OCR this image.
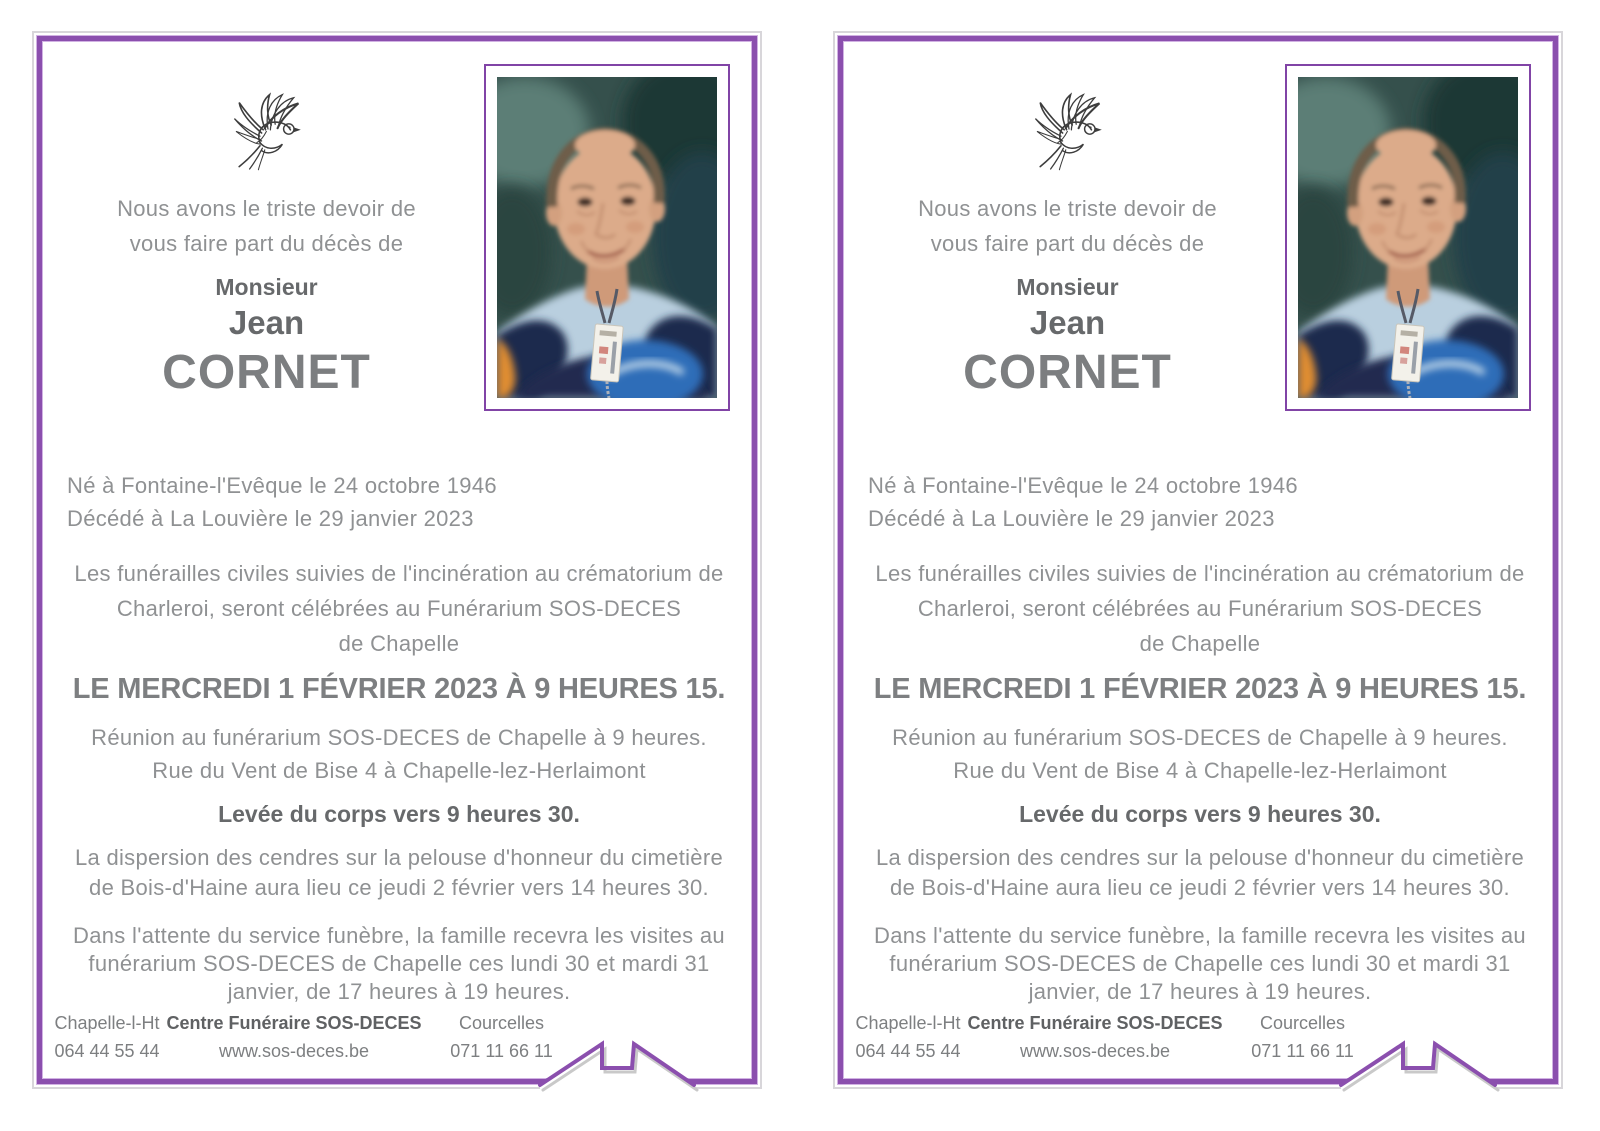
Nous avons le triste devoir de
vous faire part du décès de
Monsieur
Jean
CORNET
Né à Fontaine-l'Evêque le 24 octobre 1946
Décédé à La Louvière le 29 janvier 2023
Les funérailles civiles suivies de l'incinération au crématorium de
Charleroi, seront célébrées au Funérarium SOS-DECES
de Chapelle
LE MERCREDI 1 FÉVRIER 2023 À 9 HEURES 15.
Réunion au funérarium SOS-DECES de Chapelle à 9 heures.
Rue du Vent de Bise 4 à Chapelle-lez-Herlaimont
Levée du corps vers 9 heures 30.
La dispersion des cendres sur la pelouse d'honneur du cimetière
de Bois-d'Haine aura lieu ce jeudi 2 février vers 14 heures 30.
Dans l'attente du service funèbre, la famille recevra les visites au
funérarium SOS-DECES de Chapelle ces lundi 30 et mardi 31
janvier, de 17 heures à 19 heures.
Chapelle-l-Ht
064 44 55 44
Centre Funéraire SOS-DECES
www.sos-deces.be
Courcelles
071 11 66 11
Nous avons le triste devoir de
vous faire part du décès de
Monsieur
Jean
CORNET
Né à Fontaine-l'Evêque le 24 octobre 1946
Décédé à La Louvière le 29 janvier 2023
Les funérailles civiles suivies de l'incinération au crématorium de
Charleroi, seront célébrées au Funérarium SOS-DECES
de Chapelle
LE MERCREDI 1 FÉVRIER 2023 À 9 HEURES 15.
Réunion au funérarium SOS-DECES de Chapelle à 9 heures.
Rue du Vent de Bise 4 à Chapelle-lez-Herlaimont
Levée du corps vers 9 heures 30.
La dispersion des cendres sur la pelouse d'honneur du cimetière
de Bois-d'Haine aura lieu ce jeudi 2 février vers 14 heures 30.
Dans l'attente du service funèbre, la famille recevra les visites au
funérarium SOS-DECES de Chapelle ces lundi 30 et mardi 31
janvier, de 17 heures à 19 heures.
Chapelle-l-Ht
064 44 55 44
Centre Funéraire SOS-DECES
www.sos-deces.be
Courcelles
071 11 66 11
